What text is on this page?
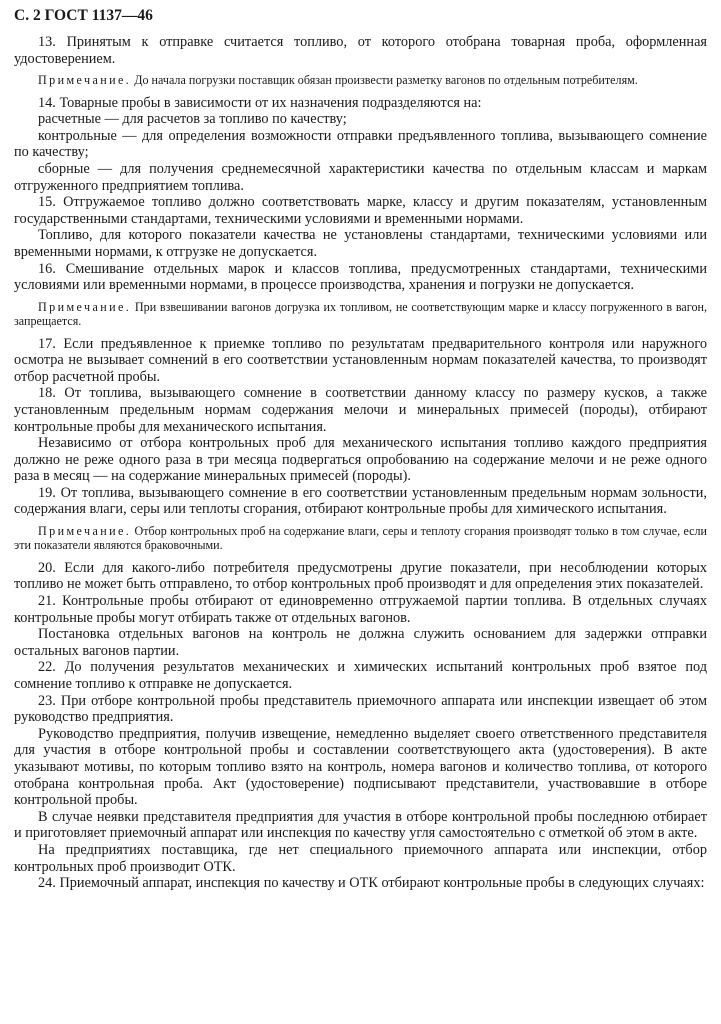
С. 2 ГОСТ 1137—46

13. Принятым к отправке считается топливо, от которого отобрана товарная проба, оформленная удостоверением.

Примечание. До начала погрузки поставщик обязан произвести разметку вагонов по отдельным потребителям.

14. Товарные пробы в зависимости от их назначения подразделяются на:

расчетные — для расчетов за топливо по качеству;

контрольные — для определения возможности отправки предъявленного топлива, вызывающего сомнение по качеству;

сборные — для получения среднемесячной характеристики качества по отдельным классам и маркам отгруженного предприятием топлива.

15. Отгружаемое топливо должно соответствовать марке, классу и другим показателям, установленным государственными стандартами, техническими условиями и временными нормами.

Топливо, для которого показатели качества не установлены стандартами, техническими условиями или временными нормами, к отгрузке не допускается.

16. Смешивание отдельных марок и классов топлива, предусмотренных стандартами, техническими условиями или временными нормами, в процессе производства, хранения и погрузки не допускается.

Примечание. При взвешивании вагонов догрузка их топливом, не соответствующим марке и классу погруженного в вагон, запрещается.

17. Если предъявленное к приемке топливо по результатам предварительного контроля или наружного осмотра не вызывает сомнений в его соответствии установленным нормам показателей качества, то производят отбор расчетной пробы.

18. От топлива, вызывающего сомнение в соответствии данному классу по размеру кусков, а также установленным предельным нормам содержания мелочи и минеральных примесей (породы), отбирают контрольные пробы для механического испытания.

Независимо от отбора контрольных проб для механического испытания топливо каждого предприятия должно не реже одного раза в три месяца подвергаться опробованию на содержание мелочи и не реже одного раза в месяц — на содержание минеральных примесей (породы).

19. От топлива, вызывающего сомнение в его соответствии установленным предельным нормам зольности, содержания влаги, серы или теплоты сгорания, отбирают контрольные пробы для химического испытания.

Примечание. Отбор контрольных проб на содержание влаги, серы и теплоту сгорания производят только в том случае, если эти показатели являются браковочными.

20. Если для какого-либо потребителя предусмотрены другие показатели, при несоблюдении которых топливо не может быть отправлено, то отбор контрольных проб производят и для определения этих показателей.

21. Контрольные пробы отбирают от единовременно отгружаемой партии топлива. В отдельных случаях контрольные пробы могут отбирать также от отдельных вагонов.

Постановка отдельных вагонов на контроль не должна служить основанием для задержки отправки остальных вагонов партии.

22. До получения результатов механических и химических испытаний контрольных проб взятое под сомнение топливо к отправке не допускается.

23. При отборе контрольной пробы представитель приемочного аппарата или инспекции извещает об этом руководство предприятия.

Руководство предприятия, получив извещение, немедленно выделяет своего ответственного представителя для участия в отборе контрольной пробы и составлении соответствующего акта (удостоверения). В акте указывают мотивы, по которым топливо взято на контроль, номера вагонов и количество топлива, от которого отобрана контрольная проба. Акт (удостоверение) подписывают представители, участвовавшие в отборе контрольной пробы.

В случае неявки представителя предприятия для участия в отборе контрольной пробы последнюю отбирает и приготовляет приемочный аппарат или инспекция по качеству угля самостоятельно с отметкой об этом в акте.

На предприятиях поставщика, где нет специального приемочного аппарата или инспекции, отбор контрольных проб производит ОТК.

24. Приемочный аппарат, инспекция по качеству и ОТК отбирают контрольные пробы в следующих случаях:
